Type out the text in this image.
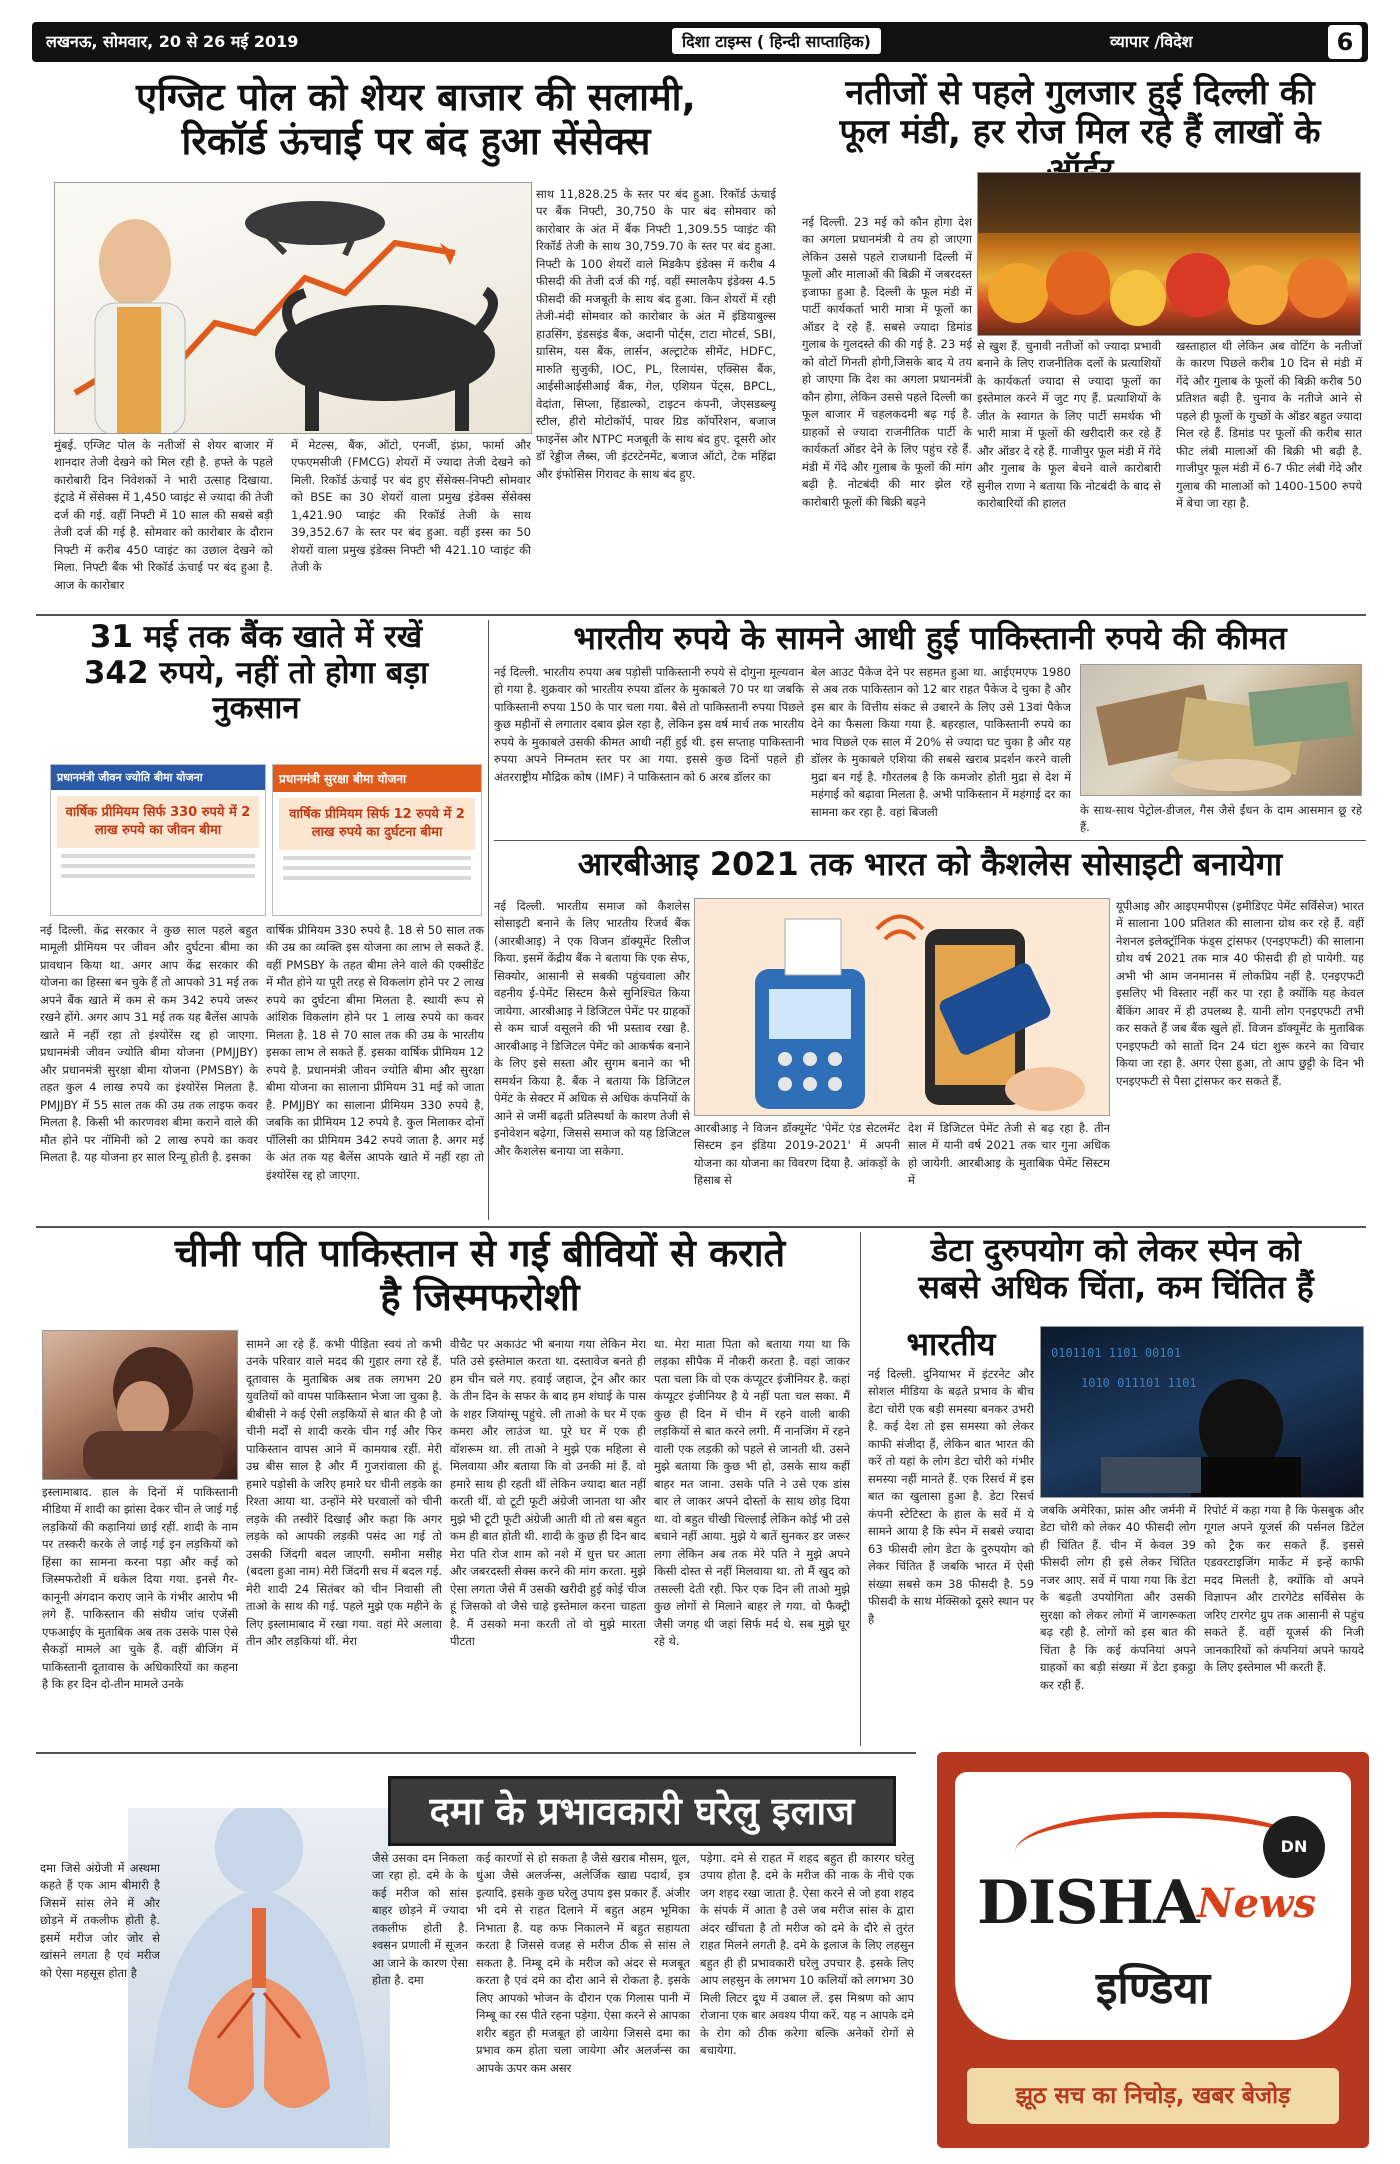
लखनऊ, सोमवार, 20 से 26 मई 2019	दिशा टाइम्स ( हिन्दी साप्ताहिक)	व्यापार /विदेश	6
एग्जिट पोल को शेयर बाजार की सलामी,
रिकॉर्ड ऊंचाई पर बंद हुआ सेंसेक्स
मुंबई. एग्जिट पोल के नतीजों से शेयर बाजार में शानदार तेजी देखने को मिल रही है. हफ्ते के पहले कारोबारी दिन निवेशकों ने भारी उत्साह दिखाया. इंट्राडे में सेंसेक्स में 1,450 प्वाइंट से ज्यादा की तेजी दर्ज की गई. वहीं निफ्टी में 10 साल की सबसे बड़ी तेजी दर्ज की गई है. सोमवार को कारोबार के दौरान निफ्टी में करीब 450 प्वाइंट का उछाल देखने को मिला. निफ्टी बैंक भी रिकॉर्ड ऊंचाई पर बंद हुआ है. आज के कारोबार
में मेटल्स, बैंक, ऑटो, एनर्जी, इंफ्रा, फार्मा और एफएमसीजी (FMCG) शेयरों में ज्यादा तेजी देखने को मिली. रिकॉर्ड ऊंचाई पर बंद हुए सेंसेक्स-निफ्टी सोमवार को BSE का 30 शेयरों वाला प्रमुख इंडेक्स सेंसेक्स 1,421.90 प्वाइंट की रिकॉर्ड तेजी के साथ 39,352.67 के स्तर पर बंद हुआ. वहीं इस्स का 50 शेयरों वाला प्रमुख इंडेक्स निफ्टी भी 421.10 प्वाइंट की तेजी के
साथ 11,828.25 के स्तर पर बंद हुआ. रिकॉर्ड ऊंचाई पर बैंक निफ्टी, 30,750 के पार बंद सोमवार को कारोबार के अंत में बैंक निफ्टी 1,309.55 प्वाइंट की रिकॉर्ड तेजी के साथ 30,759.70 के स्तर पर बंद हुआ. निफ्टी के 100 शेयरों वाले मिडकैप इंडेक्स में करीब 4 फीसदी की तेजी दर्ज की गई. वहीं स्मालकैप इंडेक्स 4.5 फीसदी की मजबूती के साथ बंद हुआ. किन शेयरों में रही तेजी-मंदी सोमवार को कारोबार के अंत में इंडियाबुल्स हाउसिंग, इंडसइंड बैंक, अदानी पोर्ट्स, टाटा मोटर्स, SBI, ग्रासिम, यस बैंक, लार्सन, अल्ट्राटेक सीमेंट, HDFC, मारुति सुजुकी, IOC, PL, रिलायंस, एक्सिस बैंक, आईसीआईसीआई बैंक, गेल, एशियन पेंट्स, BPCL, वेदांता, सिप्ला, हिंडाल्को, टाइटन कंपनी, जेएसडब्ल्यू स्टील, हीरो मोटोकॉर्प, पावर ग्रिड कॉर्पोरेशन, बजाज फाइनेंस और NTPC मजबूती के साथ बंद हुए. दूसरी ओर डॉ रेड्डीज लैब्स, जी इंटरटेनमेंट, बजाज ऑटो, टेक महिंद्रा और इंफोसिस गिरावट के साथ बंद हुए.
नतीजों से पहले गुलजार हुई दिल्ली की
फूल मंडी, हर रोज मिल रहे हैं लाखों के
नई दिल्ली. 23 मई को कौन होगा देश का अगला प्रधानमंत्री ये तय हो जाएगा लेकिन उससे पहले राजधानी दिल्ली में फूलों और मालाओं की बिक्री में जबरदस्त इजाफा हुआ है. दिल्ली के फूल मंडी में पार्टी कार्यकर्ता भारी मात्रा में फूलों का ऑडर दे रहे हैं. सबसे ज्यादा डिमांड गुलाब के गुलदस्ते की की गई है. 23 मई को वोटों गिनती होगी,जिसके बाद ये तय हो जाएगा कि देश का अगला प्रधानमंत्री कौन होगा, लेकिन उससे पहले दिल्ली का फूल बाजार में चहलकदमी बढ़ गई है. ग्राहकों से ज्यादा राजनीतिक पार्टी के कार्यकर्ता ऑडर देने के लिए पहुंच रहे हैं. मंडी में गेंदे और गुलाब के फूलों की मांग बढ़ी है. नोटबंदी की मार झेल रहे कारोबारी फूलों की बिक्री बढ़ने
से खुश हैं. चुनावी नतीजों को ज्यादा प्रभावी बनाने के लिए राजनीतिक दलों के प्रत्याशियों के कार्यकर्ता ज्यादा से ज्यादा फूलों का इस्तेमाल करने में जुट गए हैं. प्रत्याशियों के जीत के स्वागत के लिए पार्टी समर्थक भी भारी मात्रा में फूलों की खरीदारी कर रहे हैं और ऑडर दे रहे हैं. गाजीपुर फूल मंडी में गेंदे और गुलाब के फूल बेचने वाले कारोबारी सुनील राणा ने बताया कि नोटबंदी के बाद से कारोबारियों की हालत
खस्ताहाल थी लेकिन अब वोटिंग के नतीजों के कारण पिछले करीब 10 दिन से मंडी में गेंदे और गुलाब के फूलों की बिक्री करीब 50 प्रतिशत बढ़ी है. चुनाव के नतीजे आने से पहले ही फूलों के गुच्छों के ऑडर बहुत ज्यादा मिल रहे हैं. डिमांड पर फूलों की करीब सात फीट लंबी मालाओं की बिक्री भी बढ़ी है. गाजीपुर फूल मंडी में 6-7 फीट लंबी गेंदे और गुलाब की मालाओं को 1400-1500 रुपये में बेचा जा रहा है.
31 मई तक बैंक खाते में रखें
342 रुपये, नहीं तो होगा बड़ा
नुकसान
प्रधानमंत्री जीवन ज्योति बीमा योजना
वार्षिक प्रीमियम सिर्फ 330 रुपये में 2 लाख रुपये का जीवन बीमा
प्रधानमंत्री सुरक्षा बीमा योजना
वार्षिक प्रीमियम सिर्फ 12 रुपये में 2 लाख रुपये का दुर्घटना बीमा
नई दिल्ली. केंद्र सरकार ने कुछ साल पहले बहुत मामूली प्रीमियम पर जीवन और दुर्घटना बीमा का प्रावधान किया था. अगर आप केंद्र सरकार की योजना का हिस्सा बन चुके हैं तो आपको 31 मई तक अपने बैंक खाते में कम से कम 342 रुपये जरूर रखने होंगे. अगर आप 31 मई तक यह बैलेंस आपके खाते में नहीं रहा तो इंश्योरेंस रद्द हो जाएगा. प्रधानमंत्री जीवन ज्योति बीमा योजना (PMJJBY) और प्रधानमंत्री सुरक्षा बीमा योजना (PMSBY) के तहत कुल 4 लाख रुपये का इंश्योरेंस मिलता है. PMJJBY में 55 साल तक की उम्र तक लाइफ कवर मिलता है. किसी भी कारणवश बीमा कराने वाले की मौत होने पर नॉमिनी को 2 लाख रुपये का कवर मिलता है. यह योजना हर साल रिन्यू होती है. इसका
वार्षिक प्रीमियम 330 रुपये है. 18 से 50 साल तक की उम्र का व्यक्ति इस योजना का लाभ ले सकते हैं. वहीं PMSBY के तहत बीमा लेने वाले की एक्सीडेंट में मौत होने या पूरी तरह से विकलांग होने पर 2 लाख रुपये का दुर्घटना बीमा मिलता है. स्थायी रूप से आंशिक विकलांग होने पर 1 लाख रुपये का कवर मिलता है. 18 से 70 साल तक की उम्र के भारतीय इसका लाभ ले सकते हैं. इसका वार्षिक प्रीमियम 12 रुपये है. प्रधानमंत्री जीवन ज्योति बीमा और सुरक्षा बीमा योजना का सालाना प्रीमियम 31 मई को जाता है. PMJJBY का सालाना प्रीमियम 330 रुपये है, जबकि का प्रीमियम 12 रुपये है. कुल मिलाकर दोनों पॉलिसी का प्रीमियम 342 रुपये जाता है. अगर मई के अंत तक यह बैलेंस आपके खाते में नहीं रहा तो इंश्योरेंस रद्द हो जाएगा.
भारतीय रुपये के सामने आधी हुई पाकिस्तानी रुपये की कीमत
नई दिल्ली. भारतीय रुपया अब पड़ोसी पाकिस्तानी रुपये से दोगुना मूल्यवान हो गया है. शुक्रवार को भारतीय रुपया डॉलर के मुकाबले 70 पर था जबकि पाकिस्तानी रुपया 150 के पार चला गया. बैसे तो पाकिस्तानी रुपया पिछले कुछ महीनों से लगातार दबाव झेल रहा है, लेकिन इस वर्ष मार्च तक भारतीय रुपये के मुकाबले उसकी कीमत आधी नहीं हुई थी. इस सप्ताह पाकिस्तानी रुपया अपने निम्नतम स्तर पर आ गया. इससे कुछ दिनों पहले ही अंतरराष्ट्रीय मौद्रिक कोष (IMF) ने पाकिस्तान को 6 अरब डॉलर का
बेल आउट पैकेज देने पर सहमत हुआ था. आईएमएफ 1980 से अब तक पाकिस्तान को 12 बार राहत पैकेज दे चुका है और इस बार के वित्तीय संकट से उबारने के लिए उसे 13वां पैकेज देने का फैसला किया गया है. बहरहाल, पाकिस्तानी रुपये का भाव पिछले एक साल में 20% से ज्यादा घट चुका है और यह डॉलर के मुकाबले एशिया की सबसे खराब प्रदर्शन करने वाली मुद्रा बन गई है. गौरतलब है कि कमजोर होती मुद्रा से देश में महंगाई को बढ़ावा मिलता है. अभी पाकिस्तान में महंगाई दर का सामना कर रहा है. वहां बिजली	के साथ-साथ पेट्रोल-डीजल, गैस जैसे ईंधन के दाम आसमान छू रहे हैं.
आरबीआइ 2021 तक भारत को कैशलेस सोसाइटी बनायेगा
नई दिल्ली. भारतीय समाज को कैशलेस सोसाइटी बनाने के लिए भारतीय रिजर्व बैंक (आरबीआइ) ने एक विजन डॉक्यूमेंट रिलीज किया. इसमें केंद्रीय बैंक ने बताया कि एक सेफ, सिक्योर, आसानी से सबकी पहुंचवाला और वहनीय ई-पेमेंट सिस्टम कैसे सुनिश्चित किया जायेगा. आरबीआइ ने डिजिटल पेमेंट पर ग्राहकों से कम चार्ज वसूलने की भी प्रस्ताव रखा है. आरबीआइ ने डिजिटल पेमेंट को आकर्षक बनाने के लिए इसे सस्ता और सुगम बनाने का भी समर्थन किया है. बैंक ने बताया कि डिजिटल पेमेंट के सेक्टर में अधिक से अधिक कंपनियों के आने से जमीं बढ़ती प्रतिस्पर्धा के कारण तेजी से इनोवेशन बढ़ेगा, जिससे समाज को यह डिजिटल और कैशलेस बनाया जा सकेगा.
आरबीआइ ने विजन डॉक्यूमेंट 'पेमेंट एंड सेटलमेंट सिस्टम इन इंडिया 2019-2021' में अपनी योजना का योजना का विवरण दिया है. आंकड़ों के हिसाब से
देश में डिजिटल पेमेंट तेजी से बढ़ रहा है. तीन साल में यानी वर्ष 2021 तक चार गुना अधिक हो जायेगी. आरबीआइ के मुताबिक पेमेंट सिस्टम में
यूपीआइ और आइएमपीएस (इमीडिएट पेमेंट सर्विसेज) भारत में सालाना 100 प्रतिशत की सालाना ग्रोथ कर रहे हैं. वहीं नेशनल इलेक्ट्रॉनिक फंड्स ट्रांसफर (एनइएफटी) की सालाना ग्रोथ वर्ष 2021 तक मात्र 40 फीसदी ही हो पायेगी. यह अभी भी आम जनमानस में लोकप्रिय नहीं है. एनइएफटी इसलिए भी विस्तार नहीं कर पा रहा है क्योंकि यह केवल बैंकिंग आवर में ही उपलब्ध है. यानी लोग एनइएफटी तभी कर सकते हैं जब बैंक खुले हों. विजन डॉक्यूमेंट के मुताबिक एनइएफटी को सातों दिन 24 घंटा शुरू करने का विचार किया जा रहा है. अगर ऐसा हुआ, तो आप छुट्टी के दिन भी एनइएफटी से पैसा ट्रांसफर कर सकते हैं.
चीनी पति पाकिस्तान से गई बीवियों से कराते
है जिस्मफरोशी
इस्लामाबाद. हाल के दिनों में पाकिस्तानी मीडिया में शादी का झांसा देकर चीन ले जाई गई लड़कियों की कहानियां छाई रहीं. शादी के नाम पर तस्करी करके ले जाई गई इन लड़कियों को हिंसा का सामना करना पड़ा और कई को जिस्मफरोशी में धकेल दिया गया. इनसे गैर-कानूनी अंगदान कराए जाने के गंभीर आरोप भी लगे हैं. पाकिस्तान की संघीय जांच एजेंसी एफआईए के मुताबिक अब तक उसके पास ऐसे सैकड़ों मामले आ चुके हैं. वहीं बीजिंग में पाकिस्तानी दूतावास के अधिकारियों का कहना है कि हर दिन दो-तीन मामले उनके
सामने आ रहे हैं. कभी पीड़िता स्वयं तो कभी उनके परिवार वाले मदद की गुहार लगा रहे हैं. दूतावास के मुताबिक अब तक लगभग 20 युवतियों को वापस पाकिस्तान भेजा जा चुका है. बीबीसी ने कई ऐसी लड़कियों से बात की है जो चीनी मर्दों से शादी करके चीन गईं और फिर पाकिस्तान वापस आने में कामयाब रहीं. मेरी उम्र बीस साल है और मैं गुजरांवाला की हूं. हमारे पड़ोसी के जरिए हमारे घर चीनी लड़के का रिश्ता आया था. उन्होंने मेरे घरवालों को चीनी लड़के की तस्वीरें दिखाईं और कहा कि अगर लड़के को आपकी लड़की पसंद आ गई तो उसकी जिंदगी बदल जाएगी. समीना मसीह (बदला हुआ नाम) मेरी जिंदगी सच में बदल गई. मेरी शादी 24 सितंबर को चीन निवासी ली ताओ के साथ की गई. पहले मुझे एक महीने के लिए इस्लामाबाद में रखा गया. वहां मेरे अलावा तीन और लड़कियां थीं. मेरा
वीचैट पर अकाउंट भी बनाया गया लेकिन मेरा पति उसे इस्तेमाल करता था. दस्तावेज बनते ही हम चीन चले गए. हवाई जहाज, ट्रेन और कार के तीन दिन के सफर के बाद हम शंघाई के पास के शहर जियांग्सू पहुंचे. ली ताओ के घर में एक कमरा और लाउंज था. पूरे घर में एक ही वॉशरूम था. ली ताओ ने मुझे एक महिला से मिलवाया और बताया कि वो उनकी मां हैं. वो हमारे साथ ही रहती थीं लेकिन ज्यादा बात नहीं करती थीं. वो टूटी फूटी अंग्रेजी जानता था और मुझे भी टूटी फूटी अंग्रेजी आती थी तो बस बहुत कम ही बात होती थी. शादी के कुछ ही दिन बाद मेरा पति रोज शाम को नशे में धुत्त घर आता और जबरदस्ती सेक्स करने की मांग करता. मुझे ऐसा लगता जैसे मैं उसकी खरीदी हुई कोई चीज हूं जिसको वो जैसे चाहे इस्तेमाल करना चाहता है. मैं उसको मना करती तो वो मुझे मारता पीटता
था. मेरा माता पिता को बताया गया था कि लड़का सीपैक में नौकरी करता है. वहां जाकर पता चला कि वो एक कंप्यूटर इंजीनियर है. कहां कंप्यूटर इंजीनियर है ये नहीं पता चल सका. मैं कुछ ही दिन में चीन में रहने वाली बाकी लड़कियों से बात करने लगी. मैं नानजिंग में रहने वाली एक लड़की को पहले से जानती थी. उसने मुझे बताया कि कुछ भी हो, उसके साथ कहीं बाहर मत जाना. उसके पति ने उसे एक डांस बार ले जाकर अपने दोस्तों के साथ छोड़ दिया था. वो बहुत चीखी चिल्लाईं लेकिन कोई भी उसे बचाने नहीं आया. मुझे ये बातें सुनकर डर जरूर लगा लेकिन अब तक मेरे पति ने मुझे अपने किसी दोस्त से नहीं मिलवाया था. तो मैं खुद को तसल्ली देती रही. फिर एक दिन ली ताओ मुझे कुछ लोगों से मिलाने बाहर ले गया. वो फैक्ट्री जैसी जगह थी जहां सिर्फ मर्द थे. सब मुझे घूर रहे थे.
डेटा दुरुपयोग को लेकर स्पेन को
सबसे अधिक चिंता, कम चिंतित हैं
भारतीय
नई दिल्ली. दुनियाभर में इंटरनेट और सोशल मीडिया के बढ़ते प्रभाव के बीच डेटा चोरी एक बड़ी समस्या बनकर उभरी है. कई देश तो इस समस्या को लेकर काफी संजीदा हैं, लेकिन बात भारत की करें तो यहां के लोग डेटा चोरी को गंभीर समस्या नहीं मानते हैं. एक रिसर्च में इस बात का खुलासा हुआ है. डेटा रिसर्च कंपनी स्टेटिस्टा के हाल के सर्वे में ये सामने आया है कि स्पेन में सबसे ज्यादा 63 फीसदी लोग डेटा के दुरुपयोग को लेकर चिंतित हैं जबकि भारत में ऐसी संख्या सबसे कम 38 फीसदी है. 59 फीसदी के साथ मेक्सिको दूसरे स्थान पर है
0101101 1101 00101
1010 011101 1101
जबकि अमेरिका, फ्रांस और जर्मनी में डेटा चोरी को लेकर 40 फीसदी लोग ही चिंतित हैं. चीन में केवल 39 फीसदी लोग ही इसे लेकर चिंतित नजर आए. सर्वे में पाया गया कि डेटा के बढ़ती उपयोगिता और उसकी सुरक्षा को लेकर लोगों में जागरूकता बढ़ रही है. लोगों को इस बात की चिंता है कि कई कंपनियां अपने ग्राहकों का बड़ी संख्या में डेटा इकट्ठा कर रही हैं.
रिपोर्ट में कहा गया है कि फेसबुक और गूगल अपने यूजर्स की पर्सनल डिटेल को ट्रैक कर सकते हैं. इससे एडवरटाइजिंग मार्केट में इन्हें काफी मदद मिलती है, क्योंकि वो अपने विज्ञापन और टारगेटेड सर्विसेस के जरिए टारगेट ग्रुप तक आसानी से पहुंच सकते हैं. वहीं यूजर्स की निजी जानकारियों को कंपनियां अपने फायदे के लिए इस्तेमाल भी करती हैं.
दमा के प्रभावकारी घरेलु इलाज
दमा जिसे अंग्रेजी में अस्थमा कहते हैं एक आम बीमारी है जिसमें सांस लेने में और छोड़ने में तकलीफ होती है. इसमें मरीज जोर जोर से खांसने लगता है एवं मरीज को ऐसा महसूस होता है
जैसे उसका दम निकला जा रहा हो. दमे के के कई मरीज को सांस बाहर छोड़ने में ज्यादा तकलीफ होती है. श्वसन प्रणाली में सूजन आ जाने के कारण ऐसा होता है. दमा
कई कारणों से हो सकता है जैसे खराब मौसम, धूल, धुंआ जैसे अलर्जन्स, अलेर्जिक खाद्य पदार्थ, इत्र इत्यादि. इसके कुछ घरेलु उपाय इस प्रकार हैं. अंजीर भी दमे से राहत दिलाने में बहुत अहम भूमिका निभाता है. यह कफ निकालने में बहुत सहायता करता है जिससे वजह से मरीज ठीक से सांस ले सकता है. निम्बू दमे के मरीज को अंदर से मजबूत करता है एवं दमे का दौरा आने से रोकता है. इसके लिए आपको भोजन के दौरान एक गिलास पानी में निम्बू का रस पीते रहना पड़ेगा. ऐसा करने से आपका शरीर बहुत ही मजबूत हो जायेगा जिससे दमा का प्रभाव कम होता चला जायेगा और अलर्जन्स का आपके ऊपर कम असर
पड़ेगा. दमे से राहत में शहद बहुत ही कारगर घरेलु उपाय होता है. दमे के मरीज की नाक के नीचे एक जग शहद रखा जाता है. ऐसा करने से जो हवा शहद के संपर्क में आता है उसे जब मरीज सांस के द्वारा अंदर खींचता है तो मरीज को दमे के दौरे से तुरंत राहत मिलने लगती है. दमे के इलाज के लिए लहसुन बहुत ही ही प्रभावकारी घरेलु उपचार है. इसके लिए आप लहसुन के लगभग 10 कलियों को लगभग 30 मिली लिटर दूध में उबाल लें. इस मिश्रण को आप रोजाना एक बार अवश्य पीया करें. यह न आपके दमे के रोग को ठीक करेगा बल्कि अनेकों रोगों से बचायेगा.
DN
DISHA
News
इण्डिया
झूठ सच का निचोड़, खबर बेजोड़
